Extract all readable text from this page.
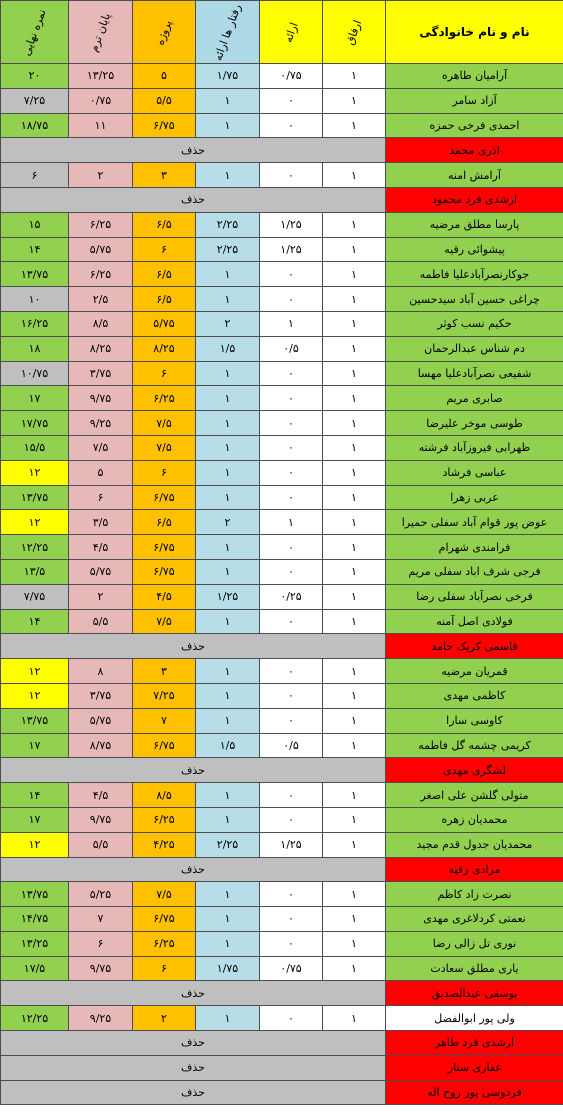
نام و نام خانوادگی	ارفاق	ارائه	رفتار ها ارائه	پروژه	پایان ترم	نمره نهایی
آرامیان طاهره	۱	۰/۷۵	۱/۷۵	۵	۱۳/۲۵	۲۰
آزاد سامر	۱	۰	۱	۵/۵	۰/۷۵	۷/۲۵
احمدی فرخی حمزه	۱	۰	۱	۶/۷۵	۱۱	۱۸/۷۵
اذری محمد	حذف					
آرامش امنه	۱	۰	۱	۳	۲	۶
ارشدی فرد محمود	حذف					
پارسا مطلق مرضیه	۱	۱/۲۵	۲/۲۵	۶/۵	۶/۲۵	۱۵
پیشوائی رقیه	۱	۱/۲۵	۲/۲۵	۶	۵/۷۵	۱۴
جوکارنصرآبادعلیا فاطمه	۱	۰	۱	۶/۵	۶/۲۵	۱۳/۷۵
چراغی حسین آباد سیدحسین	۱	۰	۱	۶/۵	۲/۵	۱۰
حکیم نسب کوثر	۱	۱	۲	۵/۷۵	۸/۵	۱۶/۲۵
دم شناس عبدالرحمان	۱	۰/۵	۱/۵	۸/۲۵	۸/۲۵	۱۸
شفیعی نصرآبادعلیا مهسا	۱	۰	۱	۶	۳/۷۵	۱۰/۷۵
صابری مریم	۱	۰	۱	۶/۲۵	۹/۷۵	۱۷
طوسی موخر علیرضا	۱	۰	۱	۷/۵	۹/۲۵	۱۷/۷۵
ظهرابی فیروزآباد فرشته	۱	۰	۱	۷/۵	۷/۵	۱۵/۵
عباسی فرشاد	۱	۰	۱	۶	۵	۱۲
عربی زهرا	۱	۰	۱	۶/۷۵	۶	۱۳/۷۵
عوض پور قوام آباد سفلی حمیرا	۱	۱	۲	۶/۵	۳/۵	۱۲
فرامندی شهرام	۱	۰	۱	۶/۷۵	۴/۵	۱۲/۲۵
فرجی شرف اباد سفلی مریم	۱	۰	۱	۶/۷۵	۵/۷۵	۱۳/۵
فرخی نصرآباد سفلی رضا	۱	۰/۲۵	۱/۲۵	۴/۵	۲	۷/۷۵
فولادی اصل آمنه	۱	۰	۱	۷/۵	۵/۵	۱۴
قاسمی کریک حامد	حذف					
قمریان مرضیه	۱	۰	۱	۳	۸	۱۲
کاظمی مهدی	۱	۰	۱	۷/۲۵	۳/۷۵	۱۲
کاوسی سارا	۱	۰	۱	۷	۵/۷۵	۱۳/۷۵
کریمی چشمه گل فاطمه	۱	۰/۵	۱/۵	۶/۷۵	۸/۷۵	۱۷
لشگری مهدی	حذف					
متولی گلشن علی اصغر	۱	۰	۱	۸/۵	۴/۵	۱۴
محمدیان زهره	۱	۰	۱	۶/۲۵	۹/۷۵	۱۷
محمدیان جدول قدم مجید	۱	۱/۲۵	۲/۲۵	۴/۲۵	۵/۵	۱۲
مرادی رقیه	حذف					
نصرت زاد کاظم	۱	۰	۱	۷/۵	۵/۲۵	۱۳/۷۵
نعمتی کردلاغری مهدی	۱	۰	۱	۶/۷۵	۷	۱۴/۷۵
نوری تل زالی رضا	۱	۰	۱	۶/۲۵	۶	۱۳/۲۵
یاری مطلق سعادت	۱	۰/۷۵	۱/۷۵	۶	۹/۷۵	۱۷/۵
یوسفی عبدالصدیق	حذف					
ولی پور ابوالفضل	۱	۰	۱	۲	۹/۲۵	۱۲/۲۵
ارشدی فرد طاهر	حذف					
غفاری ستار	حذف					
فردوسی پور روح اله	حذف					
